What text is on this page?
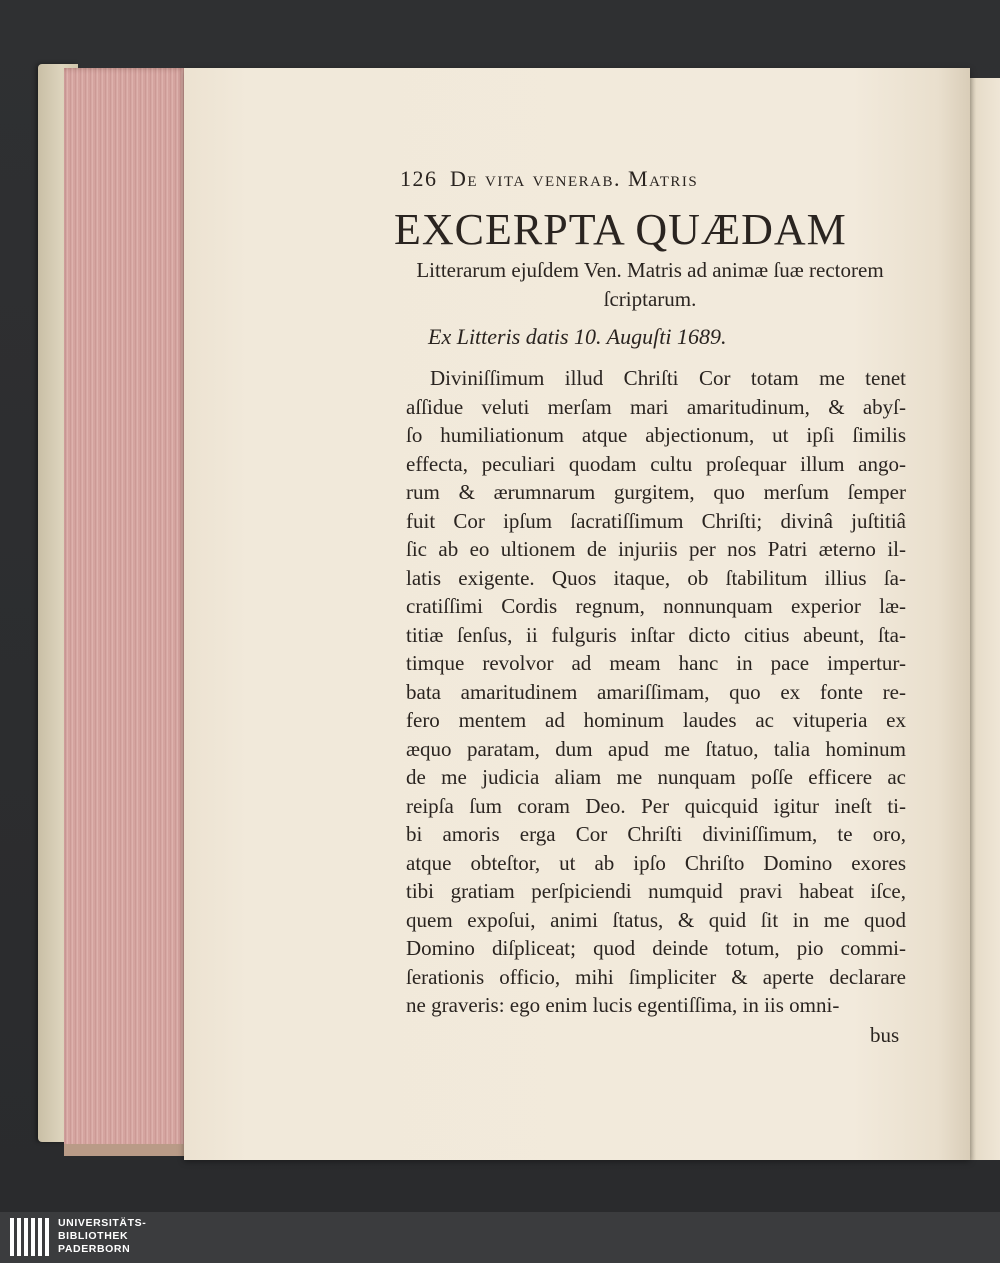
126 De vita venerab. Matris
EXCERPTA QUÆDAM
Litterarum ejuſdem Ven. Matris ad animæ ſuæ rectorem ſcriptarum.
Ex Litteris datis 10. Auguſti 1689.
Diviniſſimum illud Chriſti Cor totam me tenet
aſſidue veluti merſam mari amaritudinum, & abyſ-
ſo humiliationum atque abjectionum, ut ipſi ſimilis
effecta, peculiari quodam cultu proſequar illum ango-
rum & ærumnarum gurgitem, quo merſum ſemper
fuit Cor ipſum ſacratiſſimum Chriſti; divinâ juſtitiâ
ſic ab eo ultionem de injuriis per nos Patri æterno il-
latis exigente. Quos itaque, ob ſtabilitum illius ſa-
cratiſſimi Cordis regnum, nonnunquam experior læ-
titiæ ſenſus, ii fulguris inſtar dicto citius abeunt, ſta-
timque revolvor ad meam hanc in pace impertur-
bata amaritudinem amariſſimam, quo ex fonte re-
fero mentem ad hominum laudes ac vituperia ex
æquo paratam, dum apud me ſtatuo, talia hominum
de me judicia aliam me nunquam poſſe efficere ac
reipſa ſum coram Deo. Per quicquid igitur ineſt ti-
bi amoris erga Cor Chriſti diviniſſimum, te oro,
atque obteſtor, ut ab ipſo Chriſto Domino exores
tibi gratiam perſpiciendi numquid pravi habeat iſce,
quem expoſui, animi ſtatus, & quid ſit in me quod
Domino diſpliceat; quod deinde totum, pio commi-
ſerationis officio, mihi ſimpliciter & aperte declarare
ne graveris: ego enim lucis egentiſſima, in iis omni-
bus
UNIVERSITÄTS-
BIBLIOTHEK
PADERBORN
